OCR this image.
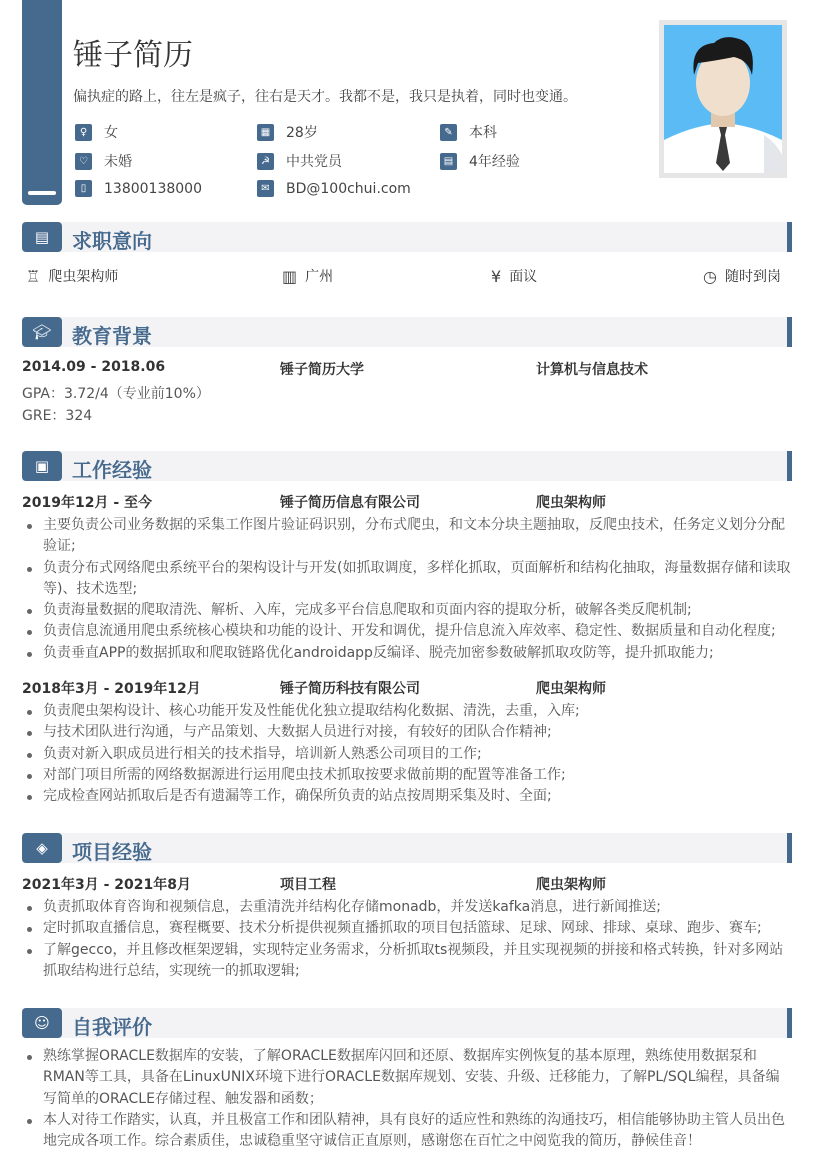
锤子简历
偏执症的路上，往左是疯子，往右是天才。我都不是，我只是执着，同时也变通。
♀	女	▦ 28岁	✎	本科
♡ 未婚	☭ 中共党员	▤ 4年经验
▯	13800138000	✉	BD@100chui.com
▤	求职意向
♖ 爬虫架构师	▥ 广州	¥ 面议	◷ 随时到岗
🎓︎	教育背景
2014.09 - 2018.06	锤子简历大学	计算机与信息技术
GPA：3.72/4（专业前10%）
GRE：324
▣	工作经验
2019年12月 - 至今	锤子简历信息有限公司	爬虫架构师
主要负责公司业务数据的采集工作图片验证码识别，分布式爬虫，和文本分块主题抽取，反爬虫技术，任务定义划分分配验证;
负责分布式网络爬虫系统平台的架构设计与开发(如抓取调度，多样化抓取，页面解析和结构化抽取，海量数据存储和读取等)、技术选型;
负责海量数据的爬取清洗、解析、入库，完成多平台信息爬取和页面内容的提取分析，破解各类反爬机制;
负责信息流通用爬虫系统核心模块和功能的设计、开发和调优，提升信息流入库效率、稳定性、数据质量和自动化程度;
负责垂直APP的数据抓取和爬取链路优化androidapp反编译、脱壳加密参数破解抓取攻防等，提升抓取能力;
2018年3月 - 2019年12月	锤子简历科技有限公司	爬虫架构师
负责爬虫架构设计、核心功能开发及性能优化独立提取结构化数据、清洗，去重，入库;
与技术团队进行沟通，与产品策划、大数据人员进行对接，有较好的团队合作精神;
负责对新入职成员进行相关的技术指导，培训新人熟悉公司项目的工作;
对部门项目所需的网络数据源进行运用爬虫技术抓取按要求做前期的配置等准备工作;
完成检查网站抓取后是否有遗漏等工作，确保所负责的站点按周期采集及时、全面;
◈	项目经验
2021年3月 - 2021年8月	项目工程	爬虫架构师
负责抓取体育咨询和视频信息，去重清洗并结构化存储monadb，并发送kafka消息，进行新闻推送;
定时抓取直播信息，赛程概要、技术分析提供视频直播抓取的项目包括篮球、足球、网球、排球、桌球、跑步、赛车;
了解gecco，并且修改框架逻辑，实现特定业务需求，分析抓取ts视频段，并且实现视频的拼接和格式转换，针对多网站抓取结构进行总结，实现统一的抓取逻辑;
☺	自我评价
熟练掌握ORACLE数据库的安装，了解ORACLE数据库闪回和还原、数据库实例恢复的基本原理，熟练使用数据泵和 RMAN等工具，具备在LinuxUNIX环境下进行ORACLE数据库规划、安装、升级、迁移能力，了解PL/SQL编程，具备编写简单的ORACLE存储过程、触发器和函数；
本人对待工作踏实，认真，并且极富工作和团队精神，具有良好的适应性和熟练的沟通技巧，相信能够协助主管人员出色地完成各项工作。综合素质佳，忠诚稳重坚守诚信正直原则，感谢您在百忙之中阅览我的简历，静候佳音！
